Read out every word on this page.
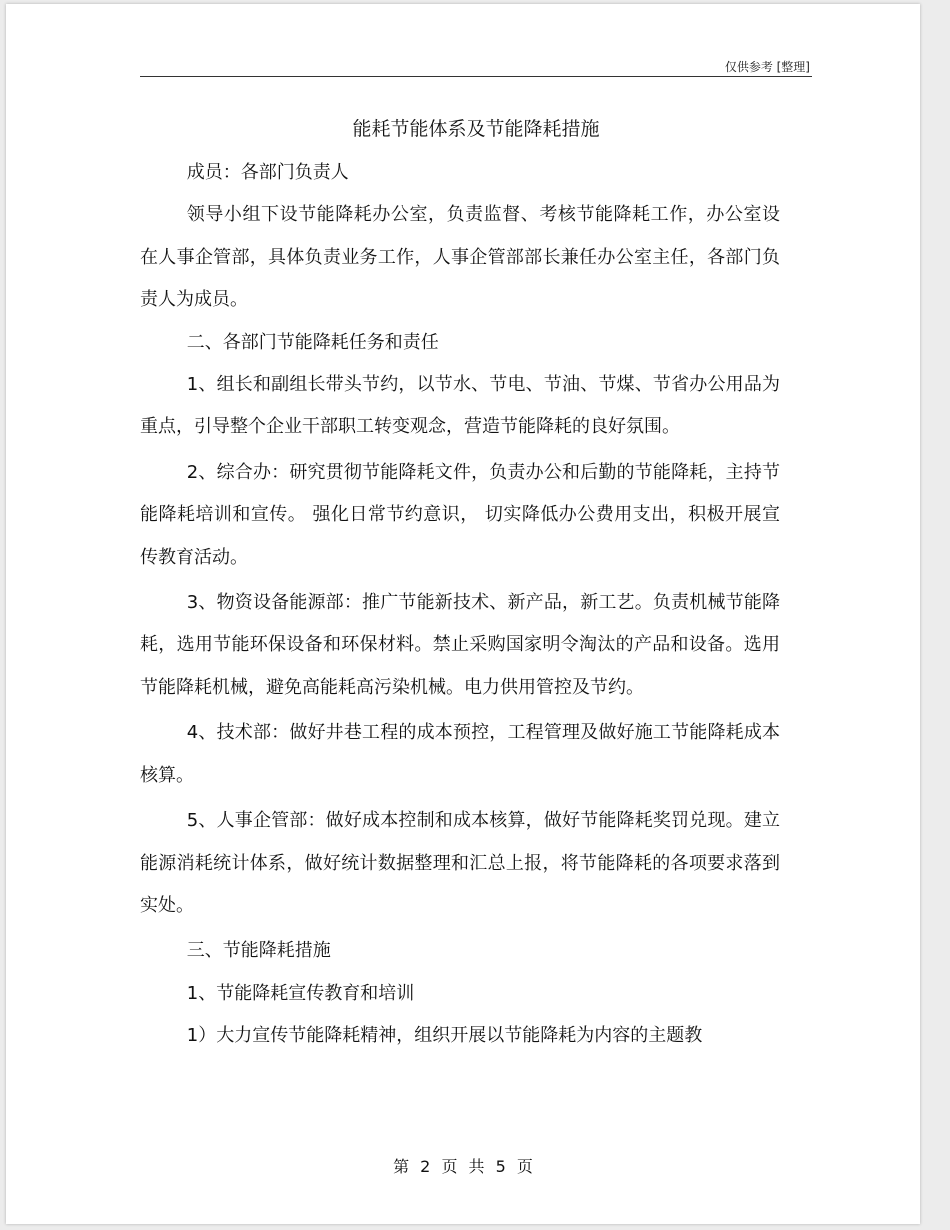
仅供参考 [整理]
能耗节能体系及节能降耗措施

成员：各部门负责人

领导小组下设节能降耗办公室，负责监督、考核节能降耗工作，办公室设在人事企管部，具体负责业务工作，人事企管部部长兼任办公室主任，各部门负责人为成员。

二、各部门节能降耗任务和责任

1、组长和副组长带头节约，以节水、节电、节油、节煤、节省办公用品为重点，引导整个企业干部职工转变观念，营造节能降耗的良好氛围。

2、综合办：研究贯彻节能降耗文件，负责办公和后勤的节能降耗，主持节能降耗培训和宣传。 强化日常节约意识， 切实降低办公费用支出，积极开展宣传教育活动。

3、物资设备能源部：推广节能新技术、新产品，新工艺。负责机械节能降耗，选用节能环保设备和环保材料。禁止采购国家明令淘汰的产品和设备。选用节能降耗机械，避免高能耗高污染机械。电力供用管控及节约。

4、技术部：做好井巷工程的成本预控，工程管理及做好施工节能降耗成本核算。

5、人事企管部：做好成本控制和成本核算，做好节能降耗奖罚兑现。建立能源消耗统计体系，做好统计数据整理和汇总上报，将节能降耗的各项要求落到实处。

三、节能降耗措施

1、节能降耗宣传教育和培训

1）大力宣传节能降耗精神，组织开展以节能降耗为内容的主题教

第 2 页 共 5 页
